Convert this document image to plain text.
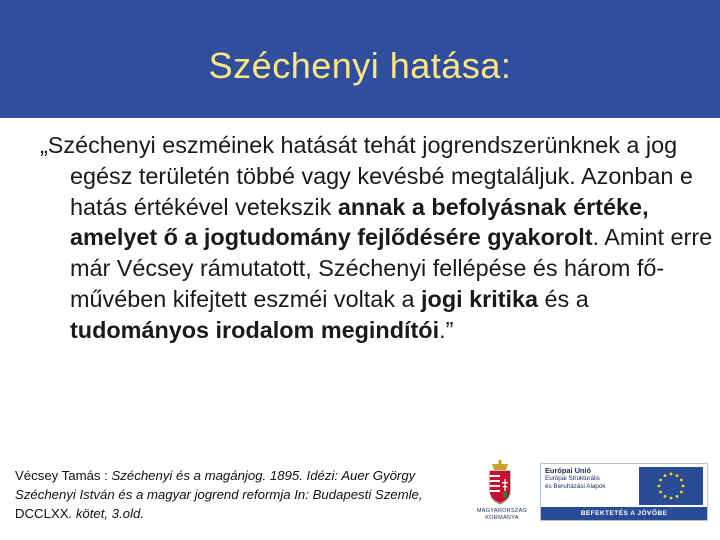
Széchenyi hatása:
„Széchenyi eszméinek hatását tehát jogrendszerünknek a jog egész területén többé vagy kevésbé megtaláljuk. Azonban e hatás értékével vetekszik annak a befolyásnak értéke, amelyet ő a jogtudomány fejlődésére gyakorolt. Amint erre már Vécsey rámutatott, Széchenyi fellépése és három fő-művében kifejtett eszméi voltak a jogi kritika és a tudományos irodalom megindítói.”
Vécsey Tamás : Széchenyi és a magánjog. 1895. Idézi: Auer György Széchenyi István és a magyar jogrend reformja In: Budapesti Szemle, DCCLXX. kötet, 3.old.	MAGYARORSZÁG
KORMÁNYA
Európai Unió
Európai Strukturális
és Beruházási Alapok
BEFEKTETÉS A JÖVŐBE
